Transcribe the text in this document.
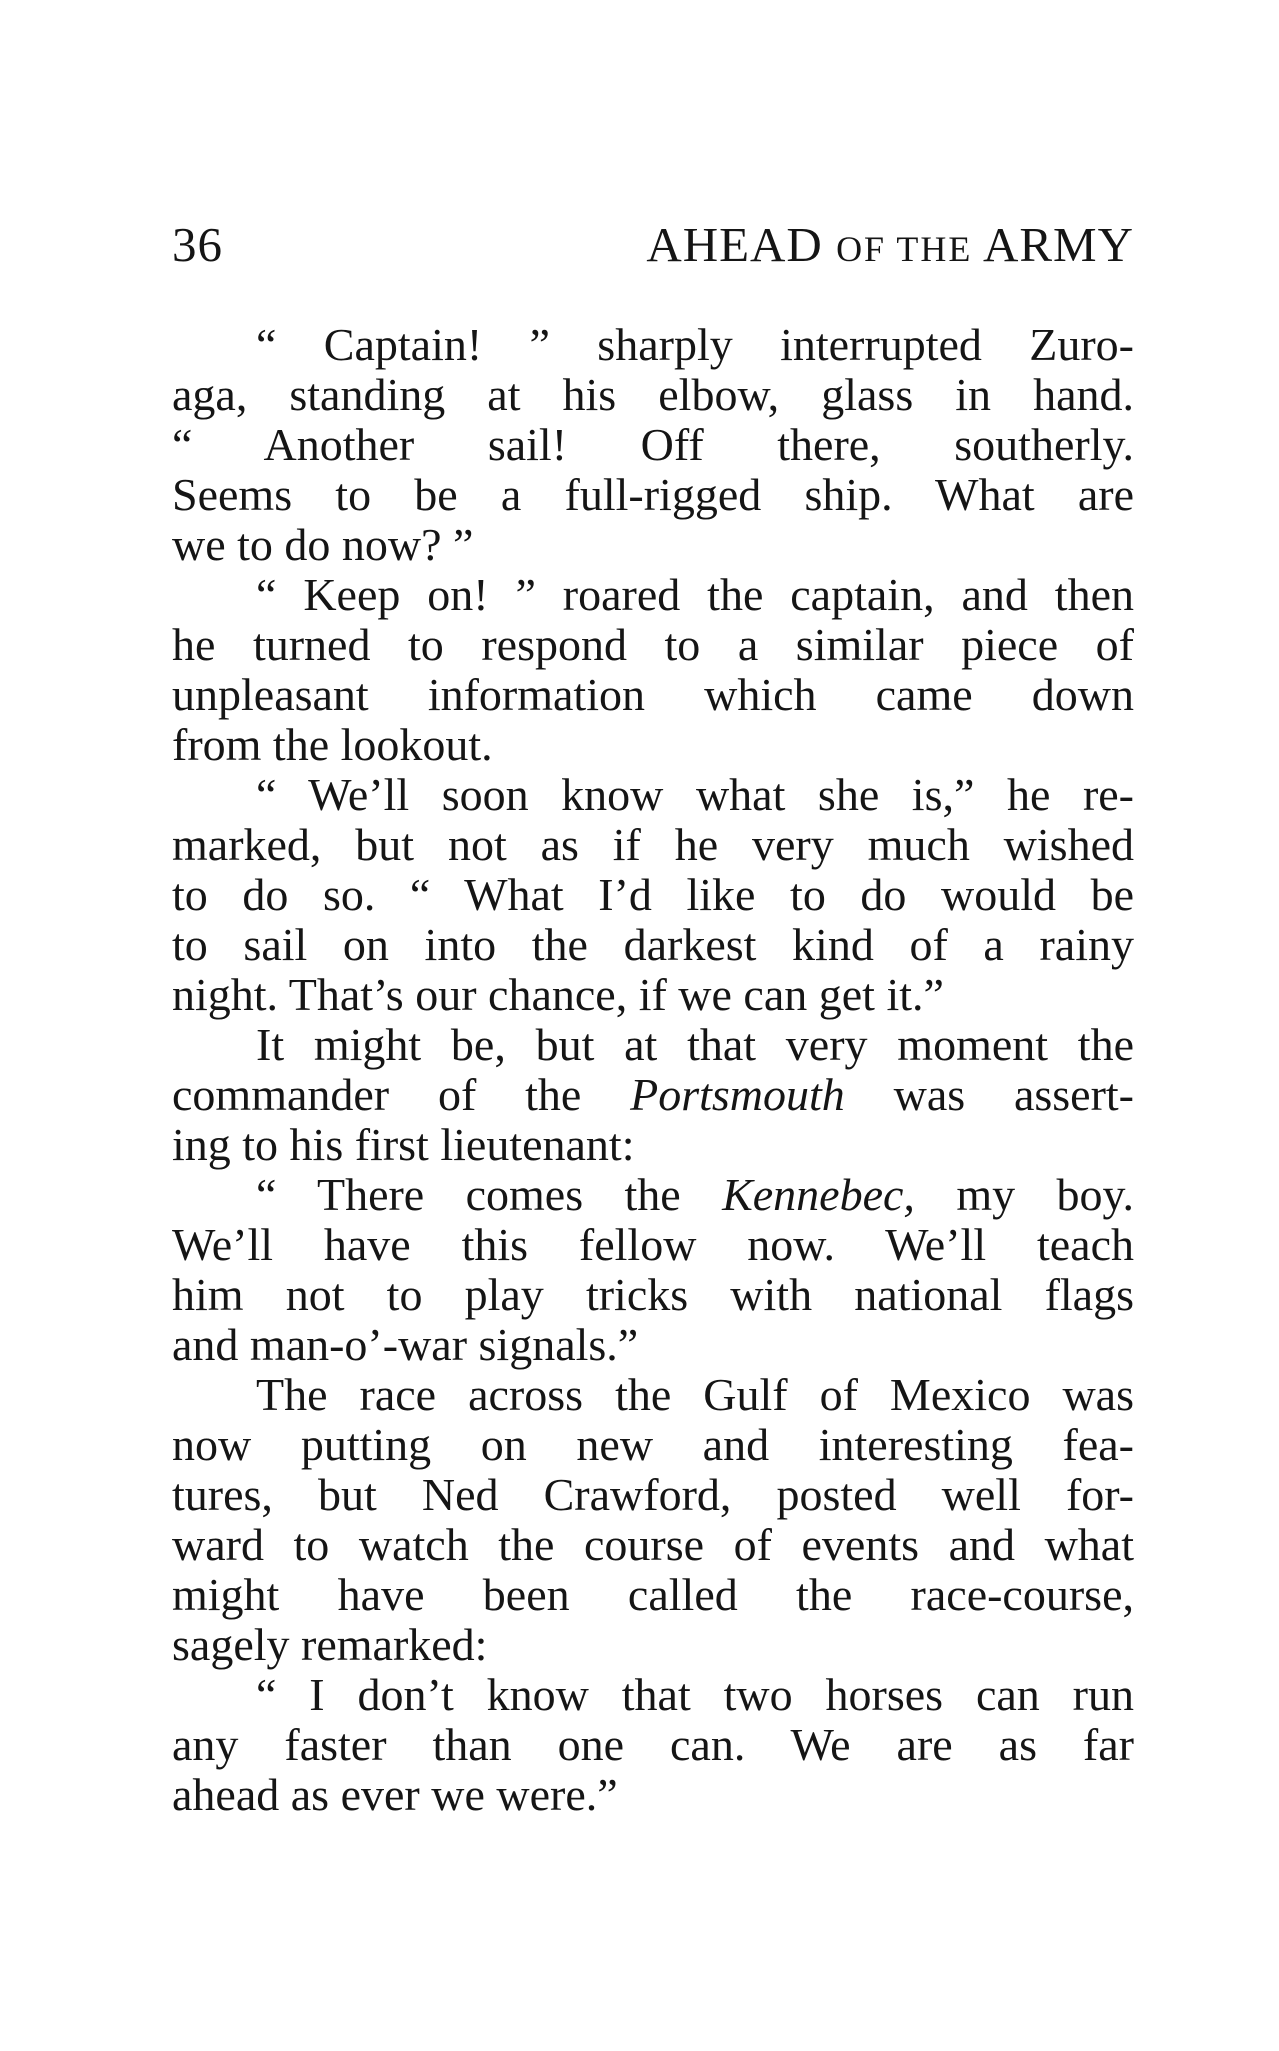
36	AHEAD OF THE ARMY

“ Captain! ” sharply interrupted Zuro-
aga, standing at his elbow, glass in hand.
“ Another sail! Off there, southerly.
Seems to be a full-rigged ship. What are
we to do now? ”

“ Keep on! ” roared the captain, and then
he turned to respond to a similar piece of
unpleasant information which came down
from the lookout.

“ We’ll soon know what she is,” he re-
marked, but not as if he very much wished
to do so. “ What I’d like to do would be
to sail on into the darkest kind of a rainy
night. That’s our chance, if we can get it.”

It might be, but at that very moment the
commander of the Portsmouth was assert-
ing to his first lieutenant:

“ There comes the Kennebec, my boy.
We’ll have this fellow now. We’ll teach
him not to play tricks with national flags
and man-o’-war signals.”

The race across the Gulf of Mexico was
now putting on new and interesting fea-
tures, but Ned Crawford, posted well for-
ward to watch the course of events and what
might have been called the race-course,
sagely remarked:

“ I don’t know that two horses can run
any faster than one can. We are as far
ahead as ever we were.”
